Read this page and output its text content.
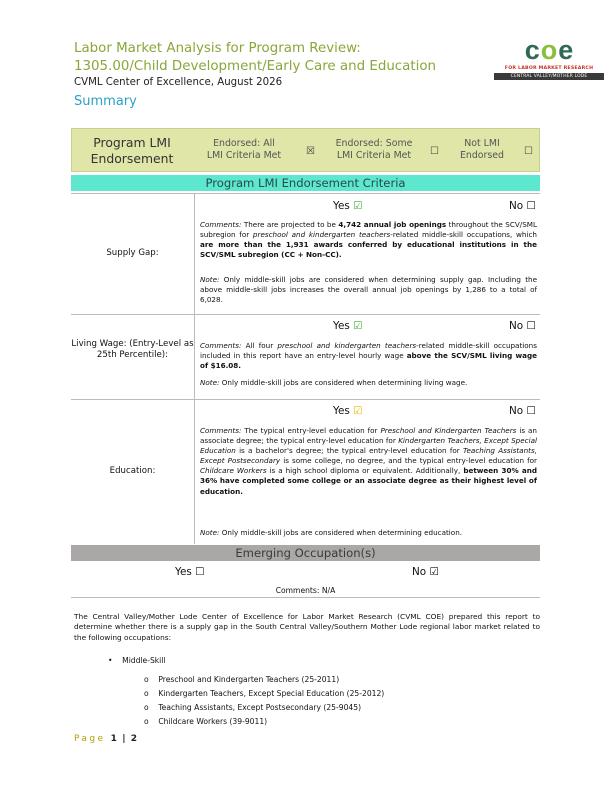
Labor Market Analysis for Program Review:
1305.00/Child Development/Early Care and Education
CVML Center of Excellence, August 2026
Summary
c o e
FOR LABOR MARKET RESEARCH
CENTRAL VALLEY/MOTHER LODE
Program LMI Endorsement
Endorsed: All LMI Criteria Met ☒
Endorsed: Some LMI Criteria Met	☐
Not LMI Endorsed	☐
Program LMI Endorsement Criteria
Supply Gap:
Yes ☑	No ☐
Comments: There are projected to be 4,742 annual job openings throughout the SCV/SML subregion for preschool and kindergarten teachers-related middle-skill occupations, which are more than the 1,931 awards conferred by educational institutions in the SCV/SML subregion (CC + Non-CC).
Note: Only middle-skill jobs are considered when determining supply gap. Including the above middle-skill jobs increases the overall annual job openings by 1,286 to a total of 6,028.
Living Wage: (Entry-Level as 25th Percentile):
Yes ☑	No ☐
Comments: All four preschool and kindergarten teachers-related middle-skill occupations included in this report have an entry-level hourly wage above the SCV/SML living wage of $16.08.
Note: Only middle-skill jobs are considered when determining living wage.
Education:
Yes ☑	No ☐
Comments: The typical entry-level education for Preschool and Kindergarten Teachers is an associate degree; the typical entry-level education for Kindergarten Teachers, Except Special Education is a bachelor's degree; the typical entry-level education for Teaching Assistants, Except Postsecondary is some college, no degree, and the typical entry-level education for Childcare Workers is a high school diploma or equivalent. Additionally, between 30% and 36% have completed some college or an associate degree as their highest level of education.
Note: Only middle-skill jobs are considered when determining education.
Emerging Occupation(s)
Yes ☐	No ☑
Comments: N/A
The Central Valley/Mother Lode Center of Excellence for Labor Market Research (CVML COE) prepared this report to determine whether there is a supply gap in the South Central Valley/Southern Mother Lode regional labor market related to the following occupations:
• Middle-Skill
o Preschool and Kindergarten Teachers (25-2011)
o Kindergarten Teachers, Except Special Education (25-2012)
o Teaching Assistants, Except Postsecondary (25-9045)
o Childcare Workers (39-9011)
Page 1 | 2
